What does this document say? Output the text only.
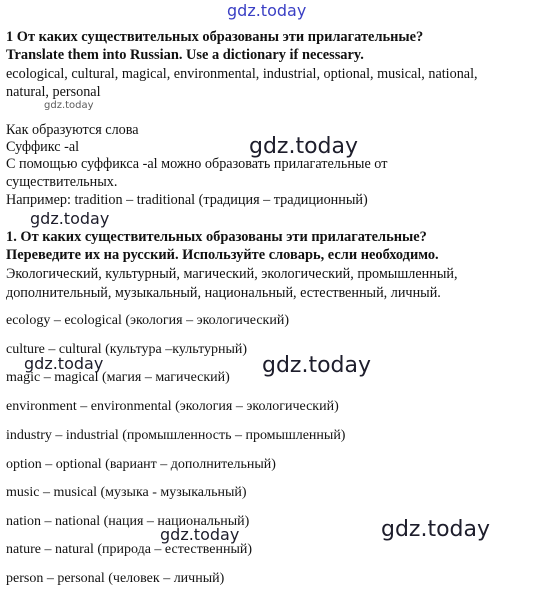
gdz.today
gdz.today
gdz.today
gdz.today
gdz.today	gdz.today
gdz.today	gdz.today
1 От каких существительных образованы эти прилагательные?
Translate them into Russian. Use a dictionary if necessary.
ecological, cultural, magical, environmental, industrial, optional, musical, national,
natural, personal
Как образуются слова
Суффикс -al
С помощью суффикса -al можно образовать прилагательные от
существительных.
Например: tradition – traditional (традиция – традиционный)
1. От каких существительных образованы эти прилагательные?
Переведите их на русский. Используйте словарь, если необходимо.
Экологический, культурный, магический, экологический, промышленный,
дополнительный, музыкальный, национальный, естественный, личный.
ecology – ecological (экология – экологический)
culture – cultural (культура –культурный)
magic – magical (магия – магический)
environment – environmental (экология – экологический)
industry – industrial (промышленность – промышленный)
option – optional (вариант – дополнительный)
music – musical (музыка - музыкальный)
nation – national (нация – национальный)
nature – natural (природа – естественный)
person – personal (человек – личный)
